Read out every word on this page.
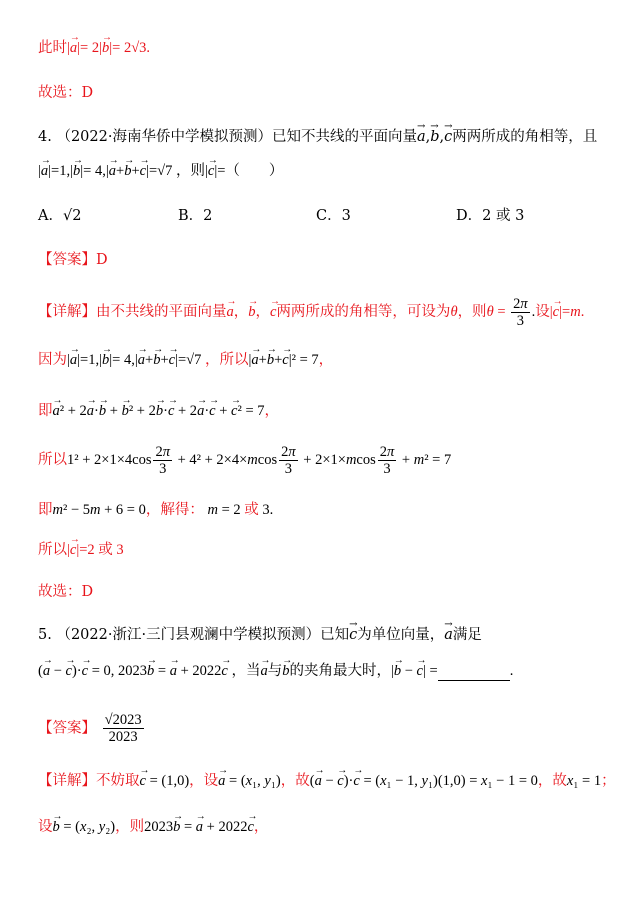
此时|→ a|= 2|→ b|= 2√3.
故选：D
4. （2022·海南华侨中学模拟预测）已知不共线的平面向量→ a,→ b,→ c两两所成的角相等，且
|→ a|=1,|→ b|= 4,|→ a+→ b+→ c|=√7 ，则|→ c|=（　　）
A．√2	B．2	C．3	D．2 或 3
【答案】D
【详解】由不共线的平面向量→ a，→ b，→ c两两所成的角相等，可设为θ，则$\theta = \frac{2\pi}{3}$ .设|→ c|=m.
因为|→ a|=1,|→ b|= 4,|→ a+→ b+→ c|=√7 ，所以|→ a+→ b+→ c|² = 7，
即→ a² + 2→ a·→ b + → b² + 2→ b·→ c + 2→ a·→ c + → c² = 7，
所以$1^2 + 2\times 1\times 4\cos \frac{2\pi}{3} + 4^2 + 2\times 4\times mcos \frac{2\pi}{3} + 2\times 1\times mcos \frac{2\pi}{3} + m^2 = 7$
即m² − 5m + 6 = 0，解得： m = 2 或 3.
所以|→ c|=2 或 3
故选：D
5. （2022·浙江·三门县观澜中学模拟预测）已知→ c为单位向量，→ a满足
(→ a − → c)·→ c = 0, 2023→ b = → a + 2022→ c ，当→ a与→ b的夹角最大时，|→ b − → c| =	.
【答案】 $\frac{√2023}{2023}$
【详解】不妨取→ c = (1,0)，设→ a = (x₁, y₁)，故(→ a − → c)·→ c = (x₁ − 1, y₁)(1,0) = x₁ − 1 = 0，故x₁ = 1；
设→ b = (x₂, y₂)，则2023→ b = → a + 2022→ c，
